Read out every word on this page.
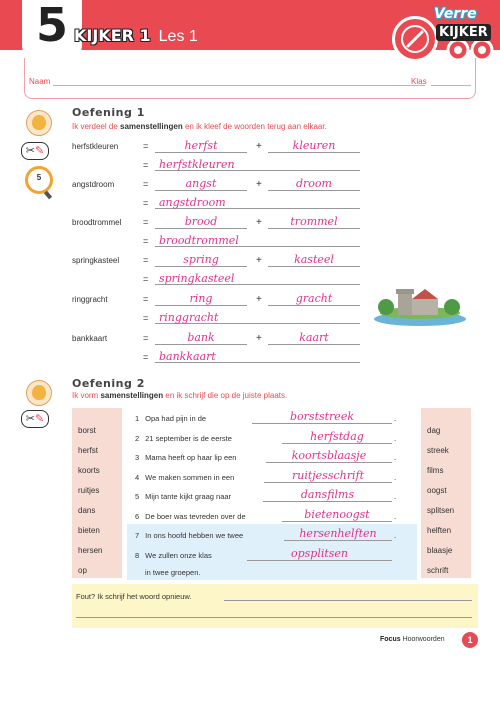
5 KIJKER 1 Les 1
Verre
KIJKER
Naam	Klas
✂✎
5
Oefening 1
Ik verdeel de samenstellingen en ik kleef de woorden terug aan elkaar.
herfstkleuren	=	herfst	+	kleuren
= herfstkleuren
angstdroom	=	angst	+	droom
= angstdroom
broodtrommel =	brood	+	trommel
= broodtrommel
springkasteel	=	spring	+	kasteel
= springkasteel
ringgracht	=	ring	+	gracht
= ringgracht
bankkaart	=	bank	+	kaart
= bankkaart
✂✎
Oefening 2
Ik vorm samenstellingen en ik schrijf die op de juiste plaats.
borst
herfst
koorts
ruitjes
dans
bieten
hersen
op
dag
streek
films
oogst
splitsen
helften
blaasje
schrift
1 Opa had pijn in de	borststreek	.
2 21 september is de eerste	herfstdag	.
3 Mama heeft op haar lip een	koortsblaasje	.
4 We maken sommen in een	ruitjesschrift	.
5 Mijn tante kijkt graag naar	dansfilms	.
6 De boer was tevreden over de	bietenoogst	.
7 In ons hoofd hebben we twee	hersenhelften	.
8 We zullen onze klas	opsplitsen
in twee groepen.
Fout? Ik schrijf het woord opnieuw.
Focus Hoorwoorden	1
